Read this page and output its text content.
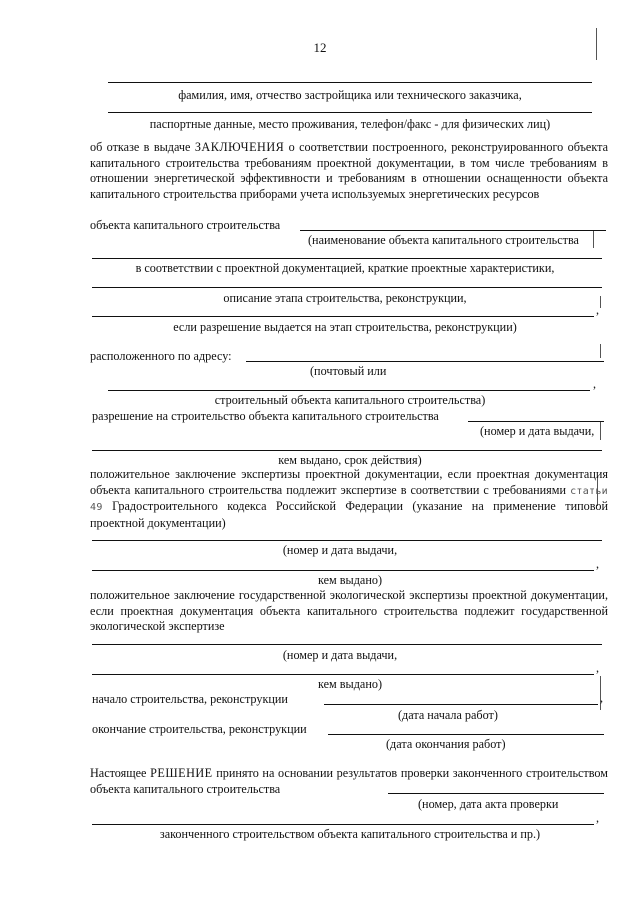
12
фамилия, имя, отчество застройщика или технического заказчика,
паспортные данные, место проживания, телефон/факс - для физических лиц)
об отказе в выдаче ЗАКЛЮЧЕНИЯ о соответствии построенного, реконструированного объекта капитального строительства требованиям проектной документации, в том числе требованиям в отношении энергетической эффективности и требованиям в отношении оснащенности объекта капитального строительства приборами учета используемых энергетических ресурсов
объекта капитального строительства
(наименование объекта капитального строительства
в соответствии с проектной документацией, краткие проектные характеристики,
описание этапа строительства, реконструкции,
,
если разрешение выдается на этап строительства, реконструкции)
расположенного по адресу:
(почтовый или
,
строительный объекта капитального строительства)
разрешение на строительство объекта капитального строительства
(номер и дата выдачи,
кем выдано, срок действия)
положительное заключение экспертизы проектной документации, если проектная документация объекта капитального строительства подлежит экспертизе в соответствии с требованиями статьи 49 Градостроительного кодекса Российской Федерации (указание на применение типовой проектной документации)
(номер и дата выдачи,
,
кем выдано)
положительное заключение государственной экологической экспертизы проектной документации, если проектная документация объекта капитального строительства подлежит государственной экологической экспертизе
(номер и дата выдачи,
,
кем выдано)
начало строительства, реконструкции	,
(дата начала работ)
окончание строительства, реконструкции
(дата окончания работ)
Настоящее РЕШЕНИЕ принято на основании результатов проверки законченного строительством объекта капитального строительства
(номер, дата акта проверки
,
законченного строительством объекта капитального строительства и пр.)
